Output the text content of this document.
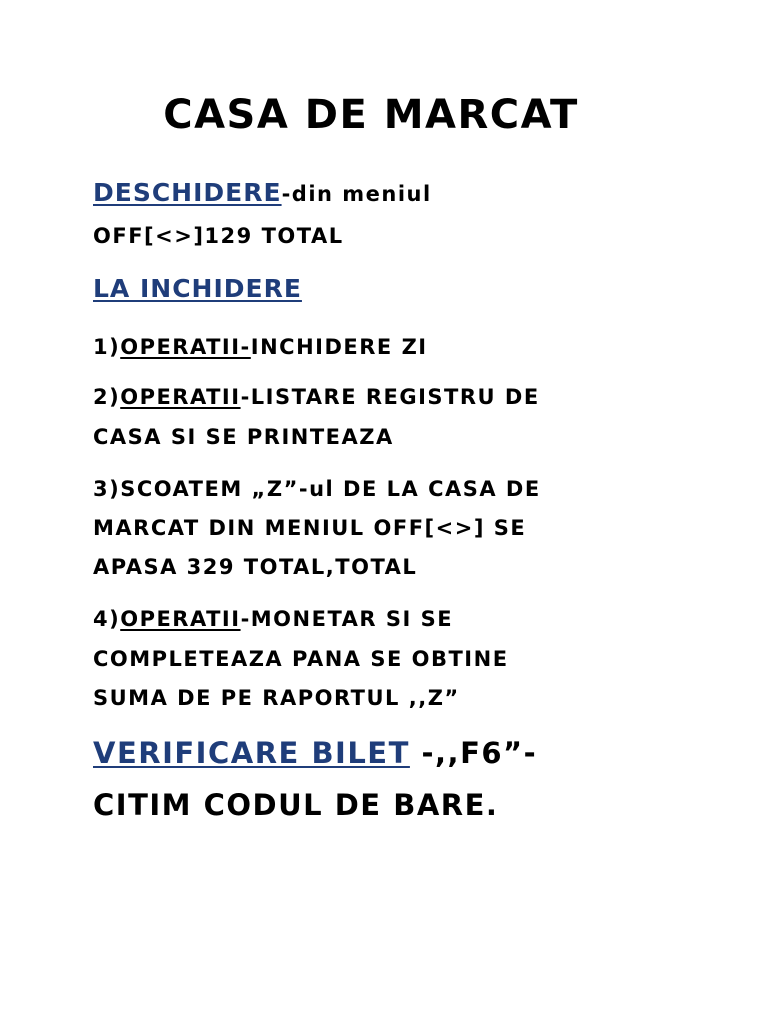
CASA DE MARCAT
DESCHIDERE-din meniul
OFF[<>]129 TOTAL
LA INCHIDERE
1)OPERATII-INCHIDERE ZI
2)OPERATII-LISTARE REGISTRU DE
CASA SI SE PRINTEAZA
3)SCOATEM „Z”-ul DE LA CASA DE
MARCAT DIN MENIUL OFF[<>] SE
APASA 329 TOTAL,TOTAL
4)OPERATII-MONETAR SI SE
COMPLETEAZA PANA SE OBTINE
SUMA DE PE RAPORTUL ,,Z”
VERIFICARE BILET -,,F6”-
CITIM CODUL DE BARE.
